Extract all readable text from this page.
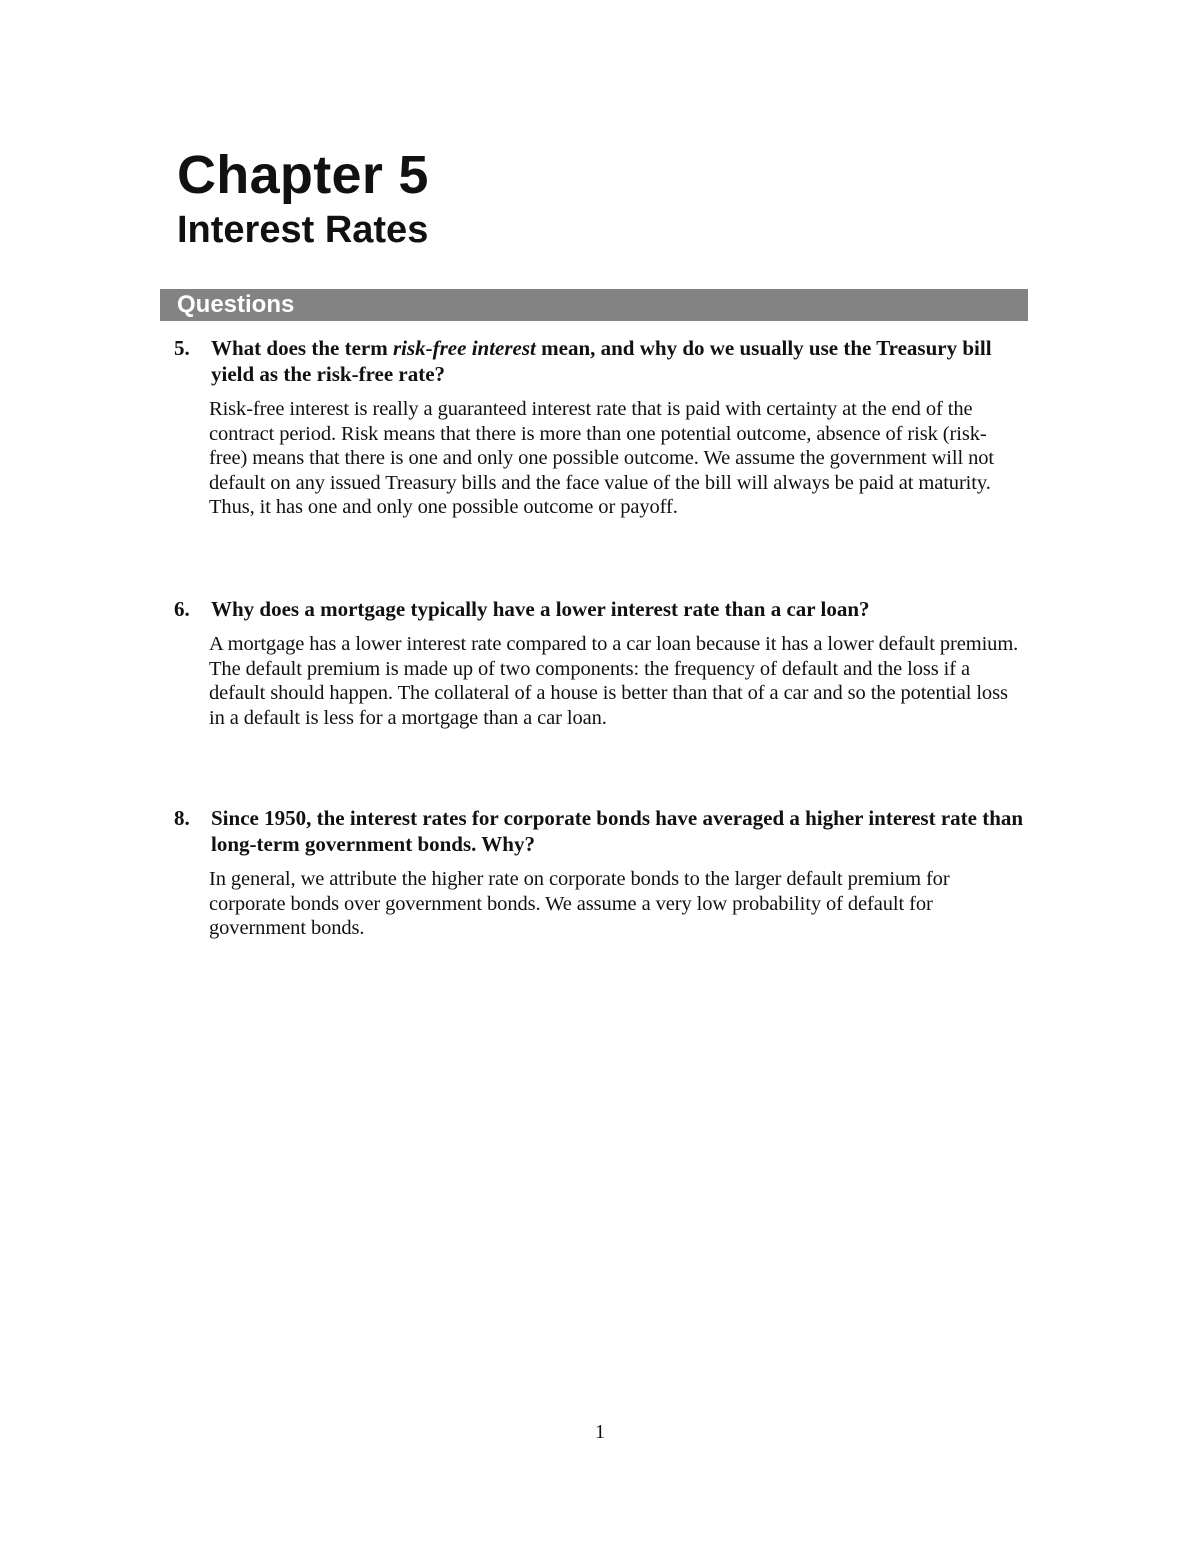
Chapter 5
Interest Rates
Questions

5. What does the term risk-free interest mean, and why do we usually use the Treasury bill yield as the risk-free rate?

Risk-free interest is really a guaranteed interest rate that is paid with certainty at the end of the contract period. Risk means that there is more than one potential outcome, absence of risk (risk-free) means that there is one and only one possible outcome. We assume the government will not default on any issued Treasury bills and the face value of the bill will always be paid at maturity. Thus, it has one and only one possible outcome or payoff.

6. Why does a mortgage typically have a lower interest rate than a car loan?

A mortgage has a lower interest rate compared to a car loan because it has a lower default premium. The default premium is made up of two components: the frequency of default and the loss if a default should happen. The collateral of a house is better than that of a car and so the potential loss in a default is less for a mortgage than a car loan.

8. Since 1950, the interest rates for corporate bonds have averaged a higher interest rate than long-term government bonds. Why?

In general, we attribute the higher rate on corporate bonds to the larger default premium for corporate bonds over government bonds. We assume a very low probability of default for government bonds.

1
